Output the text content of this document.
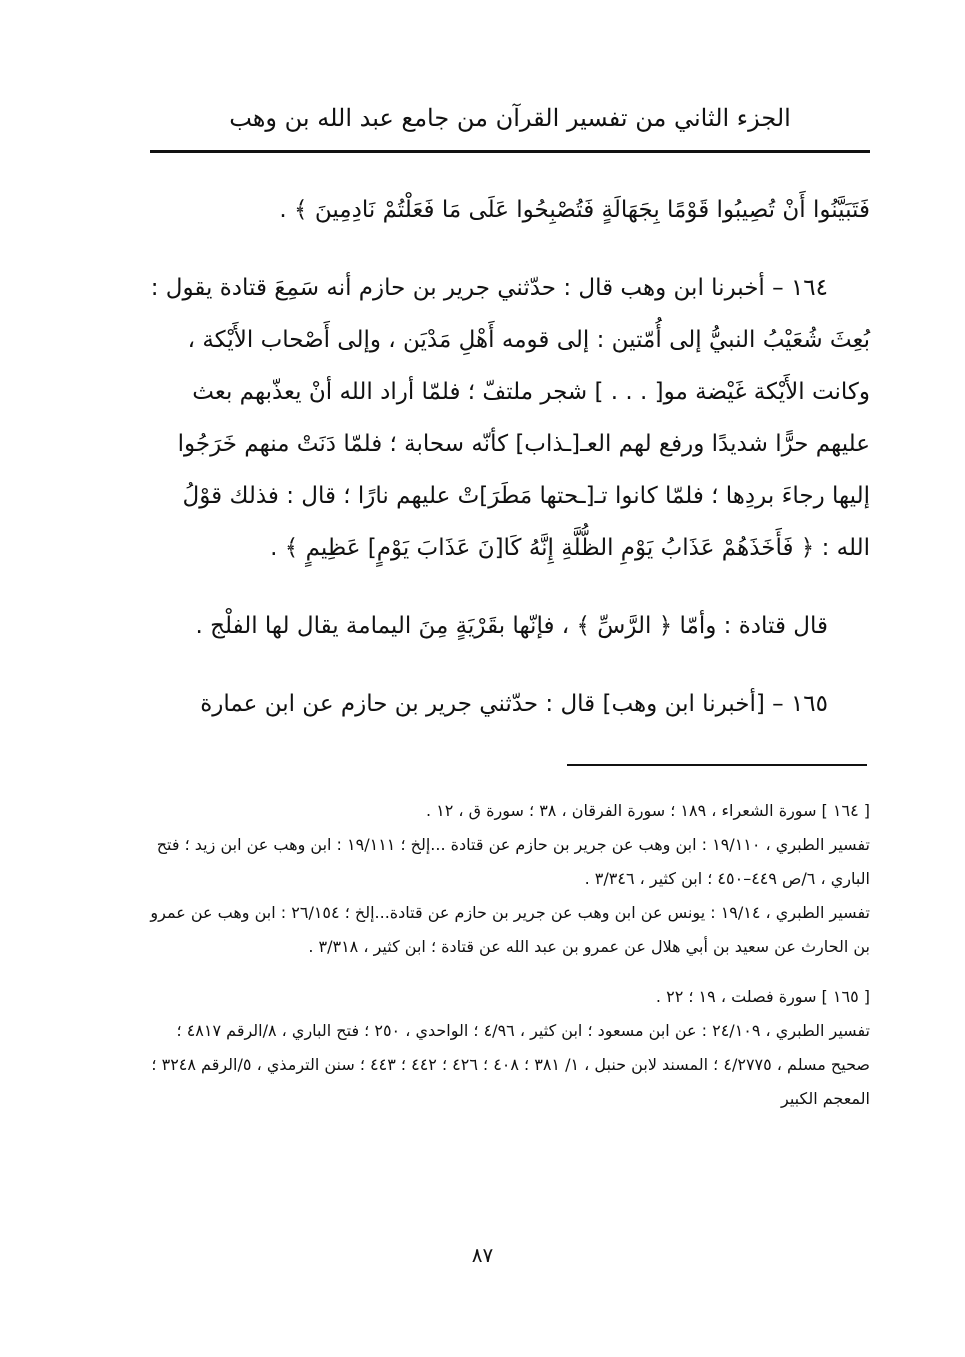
الجزء الثاني من تفسير القرآن من جامع عبد الله بن وهب

فَتَبَيَّنُوا أَنْ تُصِيبُوا قَوْمًا بِجَهَالَةٍ فَتُصْبِحُوا عَلَى مَا فَعَلْتُمْ نَادِمِينَ ﴾ .

١٦٤ – أخبرنا ابن وهب قال : حدّثني جرير بن حازم أنه سَمِعَ قتادة يقول : بُعِثَ شُعَيْبُ النبيُّ إلى أُمّتين : إلى قومه أَهْلِ مَدْيَن ، وإلى أَصْحاب الأَيْكة ، وكانت الأَيْكة غَيْضة مو[ . . . ] شجر ملتفّ ؛ فلمّا أراد الله أنْ يعذّبهم بعث عليهم حرًّا شديدًا ورفع لهم العـ[ـذاب] كأنّه سحابة ؛ فلمّا دَنَتْ منهم خَرَجُوا إليها رجاءَ بردِها ؛ فلمّا كانوا تـ[ـحتها مَطَرَ]تْ عليهم نارًا ؛ قال : فذلك قوْلُ الله : ﴿ فَأَخَذَهُمْ عَذَابُ يَوْمِ الظُّلَّةِ إِنَّهُ كَا[نَ عَذَابَ يَوْمٍ] عَظِيمٍ ﴾ .

قال قتادة : وأمّا ﴿ الرَّسِّ ﴾ ، فإنّها بقَرْيَةٍ مِنَ اليمامة يقال لها الفلْج .

١٦٥ – [أخبرنا ابن وهب] قال : حدّثني جرير بن حازم عن ابن عمارة

[ ١٦٤ ] سورة الشعراء ، ١٨٩ ؛ سورة الفرقان ، ٣٨ ؛ سورة ق ، ١٢ .
تفسير الطبري ، ١٩/١١٠ : ابن وهب عن جرير بن حازم عن قتادة ...إلخ ؛ ١٩/١١١ : ابن وهب عن ابن زيد ؛ فتح الباري ، ٦/ص ٤٤٩–٤٥٠ ؛ ابن كثير ، ٣/٣٤٦ .
تفسير الطبري ، ١٩/١٤ : يونس عن ابن وهب عن جرير بن حازم عن قتادة...إلخ ؛ ٢٦/١٥٤ : ابن وهب عن عمرو بن الحارث عن سعيد بن أبي هلال عن عمرو بن عبد الله عن قتادة ؛ ابن كثير ، ٣/٣١٨ .
[ ١٦٥ ] سورة فصلت ، ١٩ ؛ ٢٢ .
تفسير الطبري ، ٢٤/١٠٩ : عن ابن مسعود ؛ ابن كثير ، ٤/٩٦ ؛ الواحدي ، ٢٥٠ ؛ فتح الباري ، ٨/الرقم ٤٨١٧ ؛ صحيح مسلم ، ٤/٢٧٧٥ ؛ المسند لابن حنبل ، ١/ ٣٨١ ؛ ٤٠٨ ؛ ٤٢٦ ؛ ٤٤٢ ؛ ٤٤٣ ؛ سنن الترمذي ، ٥/الرقم ٣٢٤٨ ؛ المعجم الكبير
٨٧
